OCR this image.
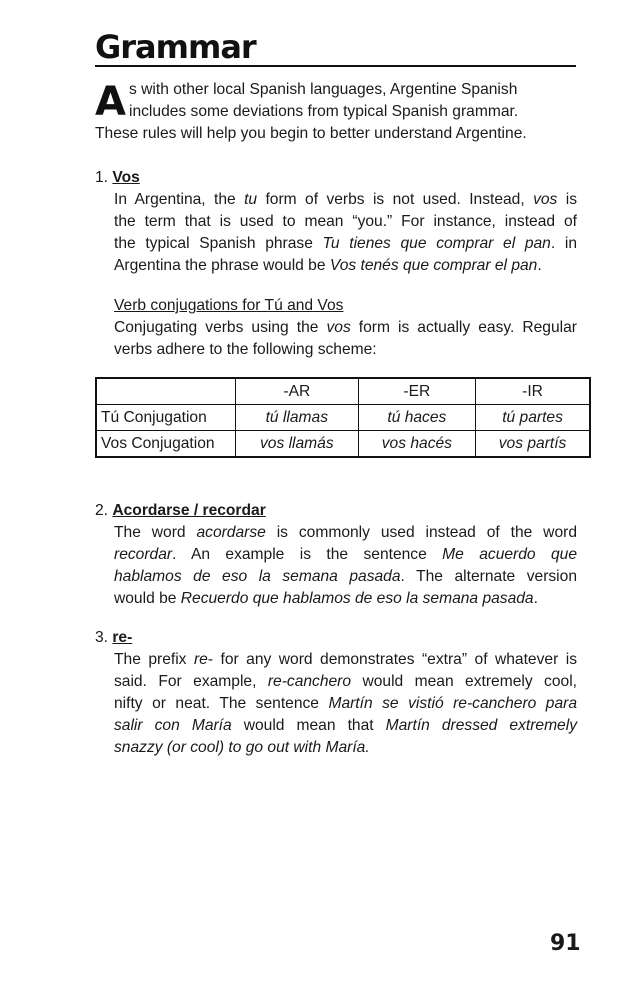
Grammar
A s with other local Spanish languages, Argentine Spanish
includes some deviations from typical Spanish grammar.
These rules will help you begin to better understand Argentine.
1. Vos
In Argentina, the tu form of verbs is not used. Instead, vos is
the term that is used to mean “you.” For instance, instead of
the typical Spanish phrase Tu tienes que comprar el pan. in
Argentina the phrase would be Vos tenés que comprar el pan.
Verb conjugations for Tú and Vos
Conjugating verbs using the vos form is actually easy. Regular
verbs adhere to the following scheme:
	-AR	-ER	-IR
Tú Conjugation	tú llamas	tú haces	tú partes
Vos Conjugation	vos llamás	vos hacés	vos partís
2. Acordarse / recordar
The word acordarse is commonly used instead of the word
recordar. An example is the sentence Me acuerdo que
hablamos de eso la semana pasada. The alternate version
would be Recuerdo que hablamos de eso la semana pasada.
3. re-
The prefix re- for any word demonstrates “extra” of whatever is
said. For example, re-canchero would mean extremely cool,
nifty or neat. The sentence Martín se vistió re-canchero para
salir con María would mean that Martín dressed extremely
snazzy (or cool) to go out with María.
91
